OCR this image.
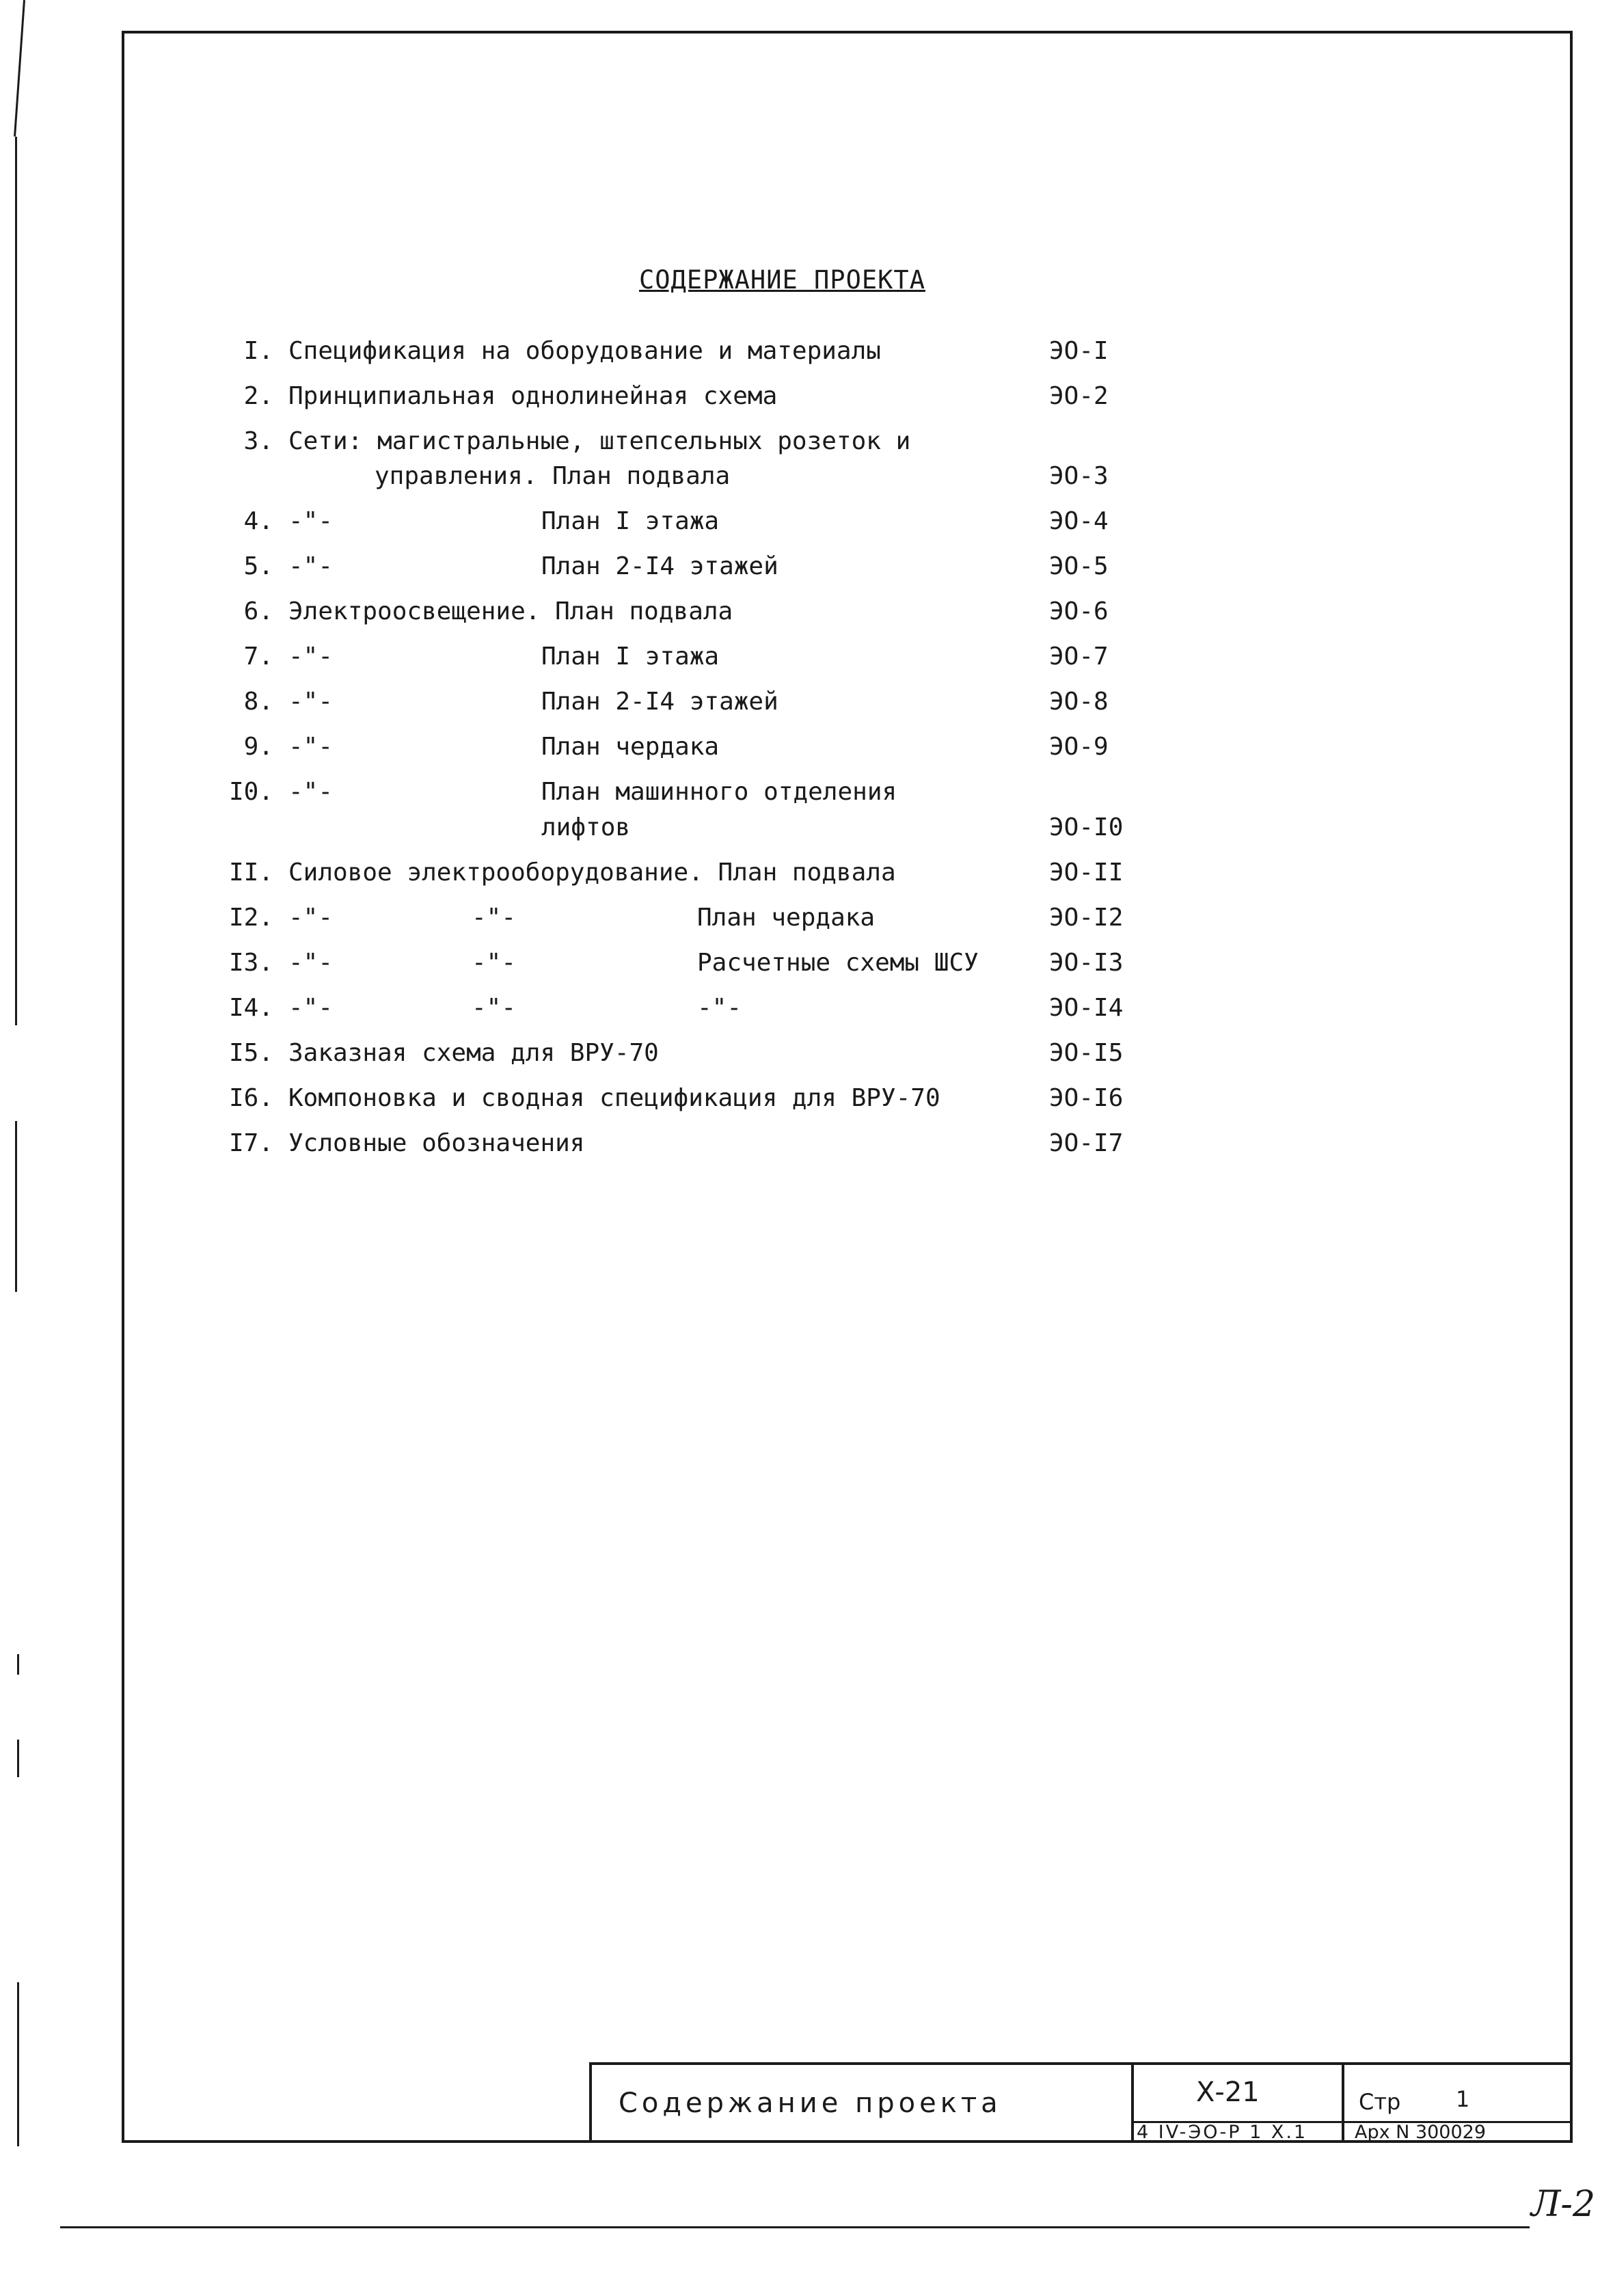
СОДЕРЖАНИЕ ПРОЕКТА
I. Спецификация на оборудование и материалы	ЭО-I
2. Принципиальная однолинейная схема	ЭО-2
3. Сети: магистральные, штепсельных розеток и
управления. План подвала	ЭО-3
4. -"-	План I этажа	ЭО-4
5. -"-	План 2-I4 этажей	ЭО-5
6. Электроосвещение. План подвала	ЭО-6
7. -"-	План I этажа	ЭО-7
8. -"-	План 2-I4 этажей	ЭО-8
9. -"-	План чердака	ЭО-9
I0. -"-	План машинного отделения
лифтов	ЭО-I0
II. Силовое электрооборудование. План подвала	ЭО-II
I2. -"-	-"-	План чердака	ЭО-I2
I3. -"-	-"-	Расчетные схемы ШСУ	ЭО-I3
I4. -"-	-"-	-"-	ЭО-I4
I5. Заказная схема для ВРУ-70	ЭО-I5
I6. Компоновка и сводная спецификация для ВРУ-70	ЭО-I6
I7. Условные обозначения	ЭО-I7
Содержание проекта	Х-21	Стр	1
4 IV-ЭО-Р 1 Х.1	Арх N 300029
Л-2
